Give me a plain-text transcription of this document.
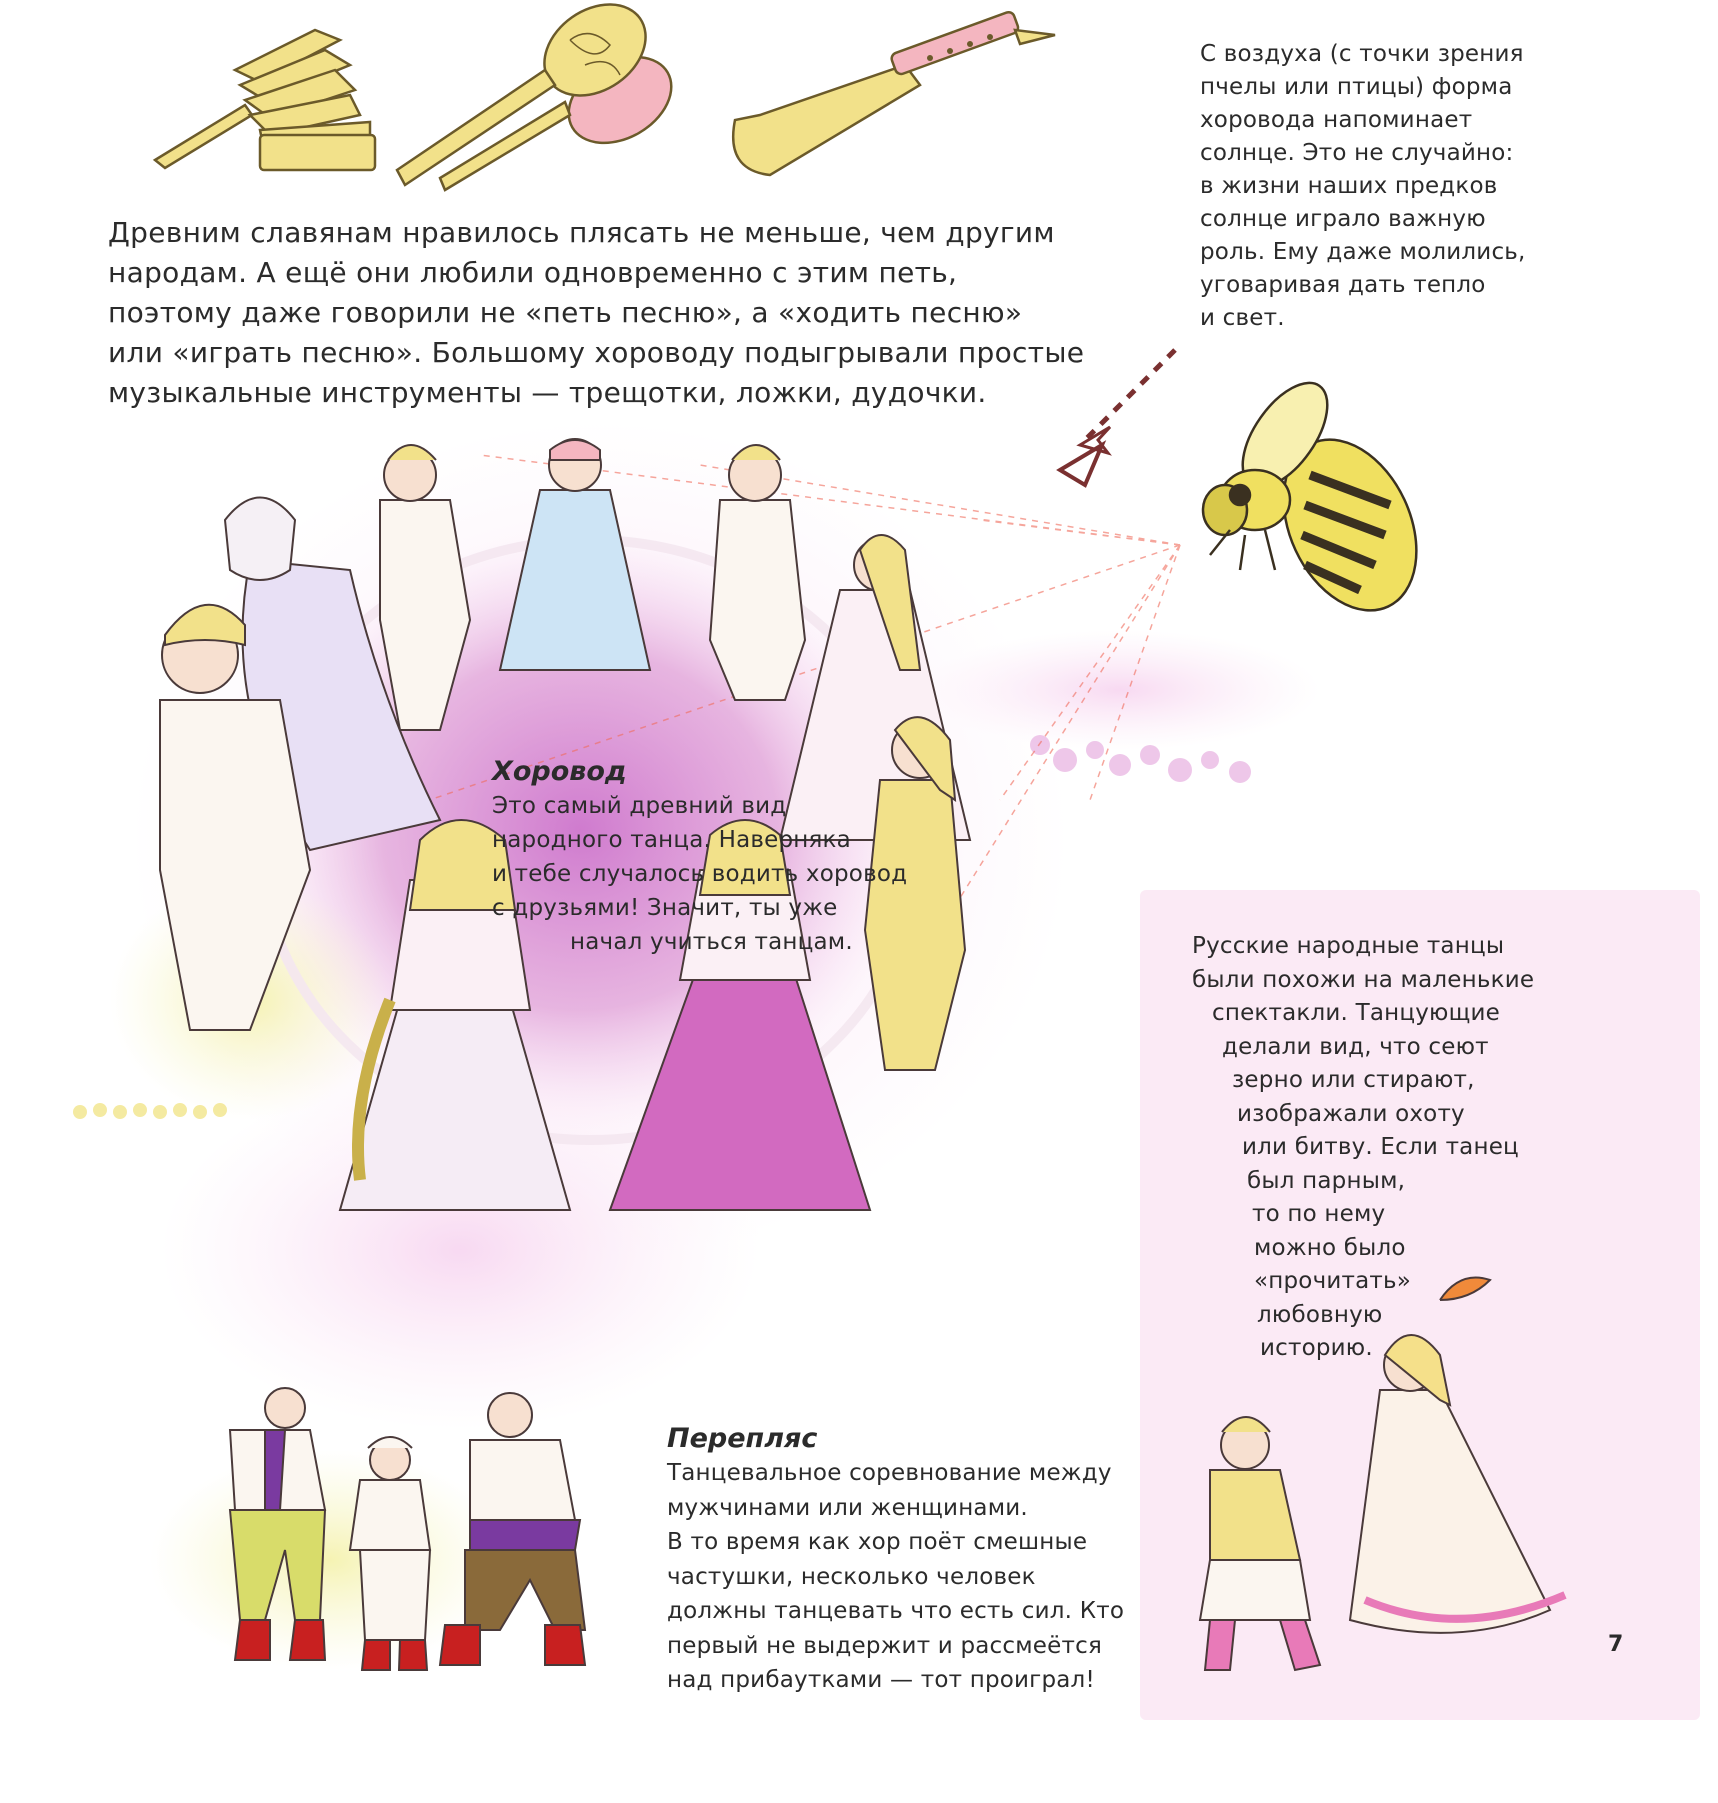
Древним славянам нравилось плясать не меньше, чем другим
народам. А ещё они любили одновременно с этим петь,
поэтому даже говорили не «петь песню», а «ходить песню»
или «играть песню». Большому хороводу подыгрывали простые
музыкальные инструменты — трещотки, ложки, дудочки.
С воздуха (с точки зрения
пчелы или птицы) форма
хоровода напоминает
солнце. Это не случайно:
в жизни наших предков
солнце играло важную
роль. Ему даже молились,
уговаривая дать тепло
и свет.
Хоровод
Это самый древний вид
народного танца. Наверняка
и тебе случалось водить хоровод
с друзьями! Значит, ты уже
начал учиться танцам.	Русские народные танцы
были похожи на маленькие
спектакли. Танцующие
делали вид, что сеют
зерно или стирают,
изображали охоту
или битву. Если танец
был парным,
то по нему
можно было
«прочитать»
любовную
историю.
Перепляс
Танцевальное соревнование между
мужчинами или женщинами.
В то время как хор поёт смешные
частушки, несколько человек
должны танцевать что есть сил. Кто
первый не выдержит и рассмеётся
над прибаутками — тот проиграл!
7
